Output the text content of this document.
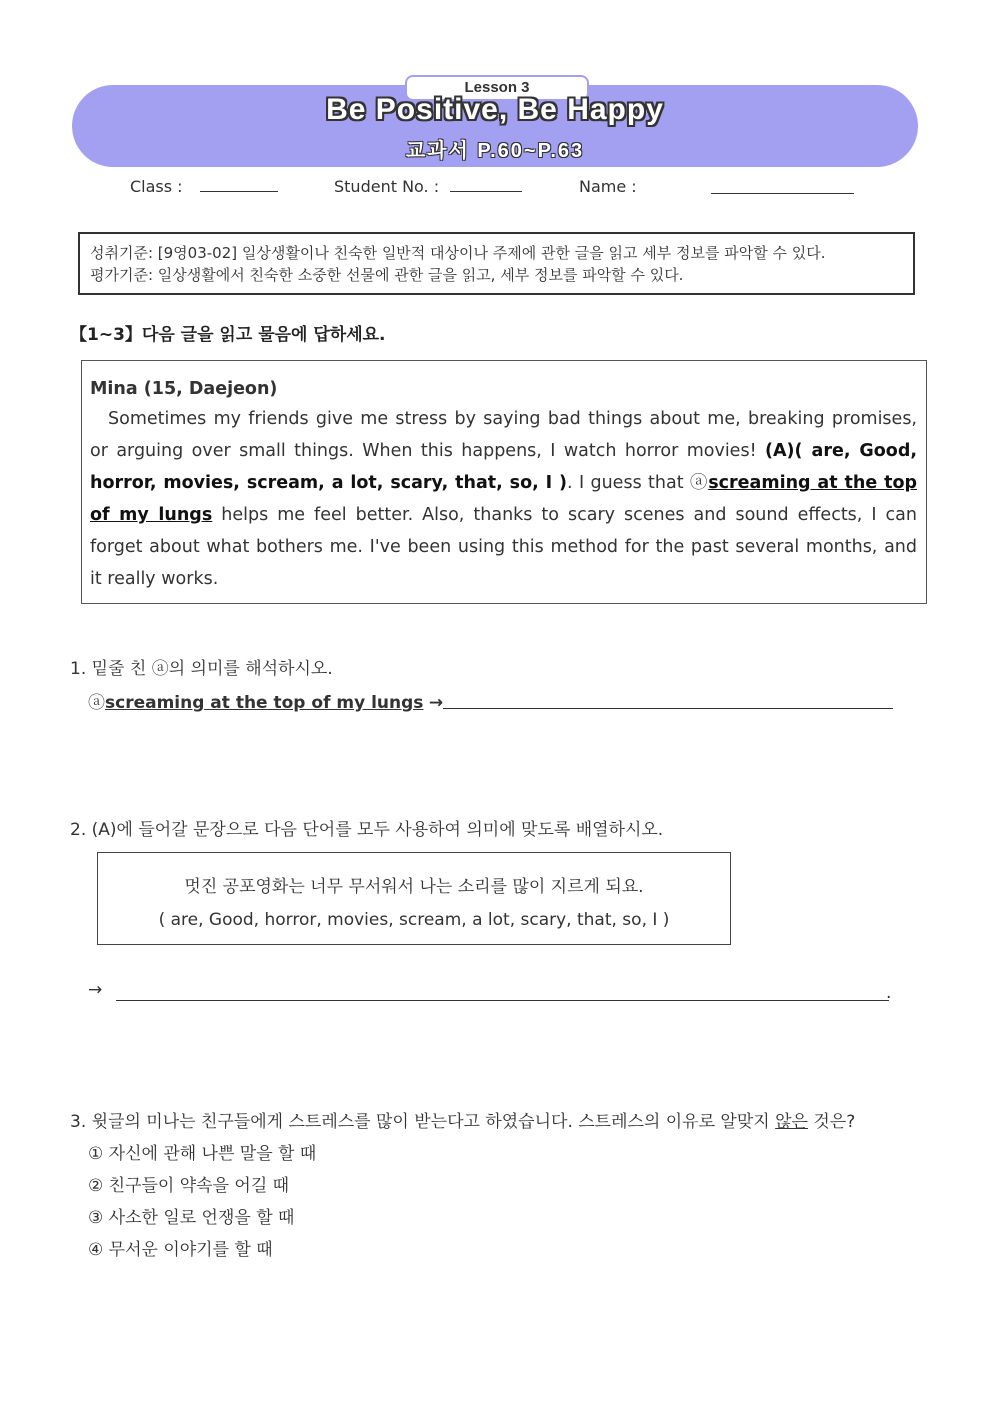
Lesson 3
Be Positive, Be Happy
교과서 P.60~P.63
Class :	Student No. :	Name :
성취기준: [9영03-02] 일상생활이나 친숙한 일반적 대상이나 주제에 관한 글을 읽고 세부 정보를 파악할 수 있다.
평가기준: 일상생활에서 친숙한 소중한 선물에 관한 글을 읽고, 세부 정보를 파악할 수 있다.
【1~3】다음 글을 읽고 물음에 답하세요.
Mina (15, Daejeon)
Sometimes my friends give me stress by saying bad things about me, breaking promises, or arguing over small things. When this happens, I watch horror movies! (A)( are, Good, horror, movies, scream, a lot, scary, that, so, I ). I guess that ⓐscreaming at the top of my lungs helps me feel better. Also, thanks to scary scenes and sound effects, I can forget about what bothers me. I've been using this method for the past several months, and it really works.
1. 밑줄 친 ⓐ의 의미를 해석하시오.
ⓐscreaming at the top of my lungs →
2. (A)에 들어갈 문장으로 다음 단어를 모두 사용하여 의미에 맞도록 배열하시오.
멋진 공포영화는 너무 무서워서 나는 소리를 많이 지르게 되요.
( are, Good, horror, movies, scream, a lot, scary, that, so, I )
→	.
3. 윗글의 미나는 친구들에게 스트레스를 많이 받는다고 하였습니다. 스트레스의 이유로 알맞지 않은 것은?
① 자신에 관해 나쁜 말을 할 때
② 친구들이 약속을 어길 때
③ 사소한 일로 언쟁을 할 때
④ 무서운 이야기를 할 때
